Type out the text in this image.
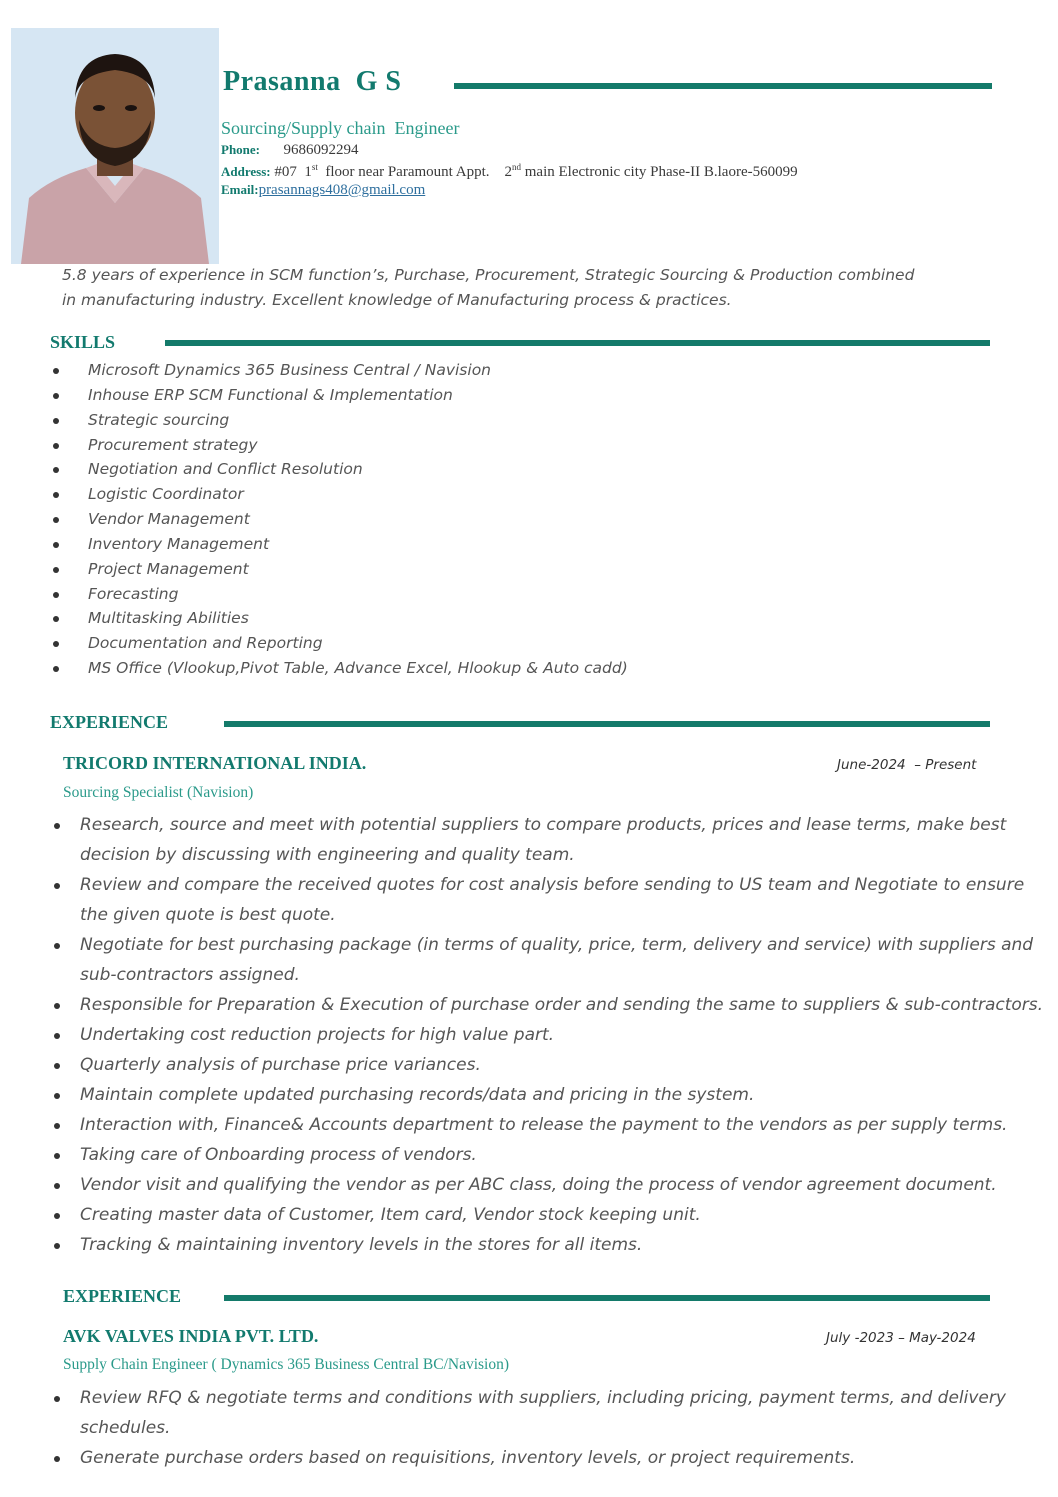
Prasanna  G S
Sourcing/Supply chain  Engineer
Phone: 9686092294
Address: #07 1st floor near Paramount Appt. 2nd main Electronic city Phase-II B.laore-560099
Email:prasannags408@gmail.com
5.8 years of experience in SCM function’s, Purchase, Procurement, Strategic Sourcing & Production combined
in manufacturing industry. Excellent knowledge of Manufacturing process & practices.
SKILLS
Microsoft Dynamics 365 Business Central / Navision
Inhouse ERP SCM Functional & Implementation
Strategic sourcing
Procurement strategy
Negotiation and Conflict Resolution
Logistic Coordinator
Vendor Management
Inventory Management
Project Management
Forecasting
Multitasking Abilities
Documentation and Reporting
MS Office (Vlookup,Pivot Table, Advance Excel, Hlookup & Auto cadd)
EXPERIENCE
TRICORD INTERNATIONAL INDIA.	June-2024  – Present
Sourcing Specialist (Navision)
Research, source and meet with potential suppliers to compare products, prices and lease terms, make best decision by discussing with engineering and quality team.
Review and compare the received quotes for cost analysis before sending to US team and Negotiate to ensure the given quote is best quote.
Negotiate for best purchasing package (in terms of quality, price, term, delivery and service) with suppliers and sub-contractors assigned.
Responsible for Preparation & Execution of purchase order and sending the same to suppliers & sub-contractors.
Undertaking cost reduction projects for high value part.
Quarterly analysis of purchase price variances.
Maintain complete updated purchasing records/data and pricing in the system.
Interaction with, Finance& Accounts department to release the payment to the vendors as per supply terms.
Taking care of Onboarding process of vendors.
Vendor visit and qualifying the vendor as per ABC class, doing the process of vendor agreement document.
Creating master data of Customer, Item card, Vendor stock keeping unit.
Tracking & maintaining inventory levels in the stores for all items.
EXPERIENCE
AVK VALVES INDIA PVT. LTD.	July -2023 – May-2024
Supply Chain Engineer ( Dynamics 365 Business Central BC/Navision)
Review RFQ & negotiate terms and conditions with suppliers, including pricing, payment terms, and delivery schedules.
Generate purchase orders based on requisitions, inventory levels, or project requirements.
